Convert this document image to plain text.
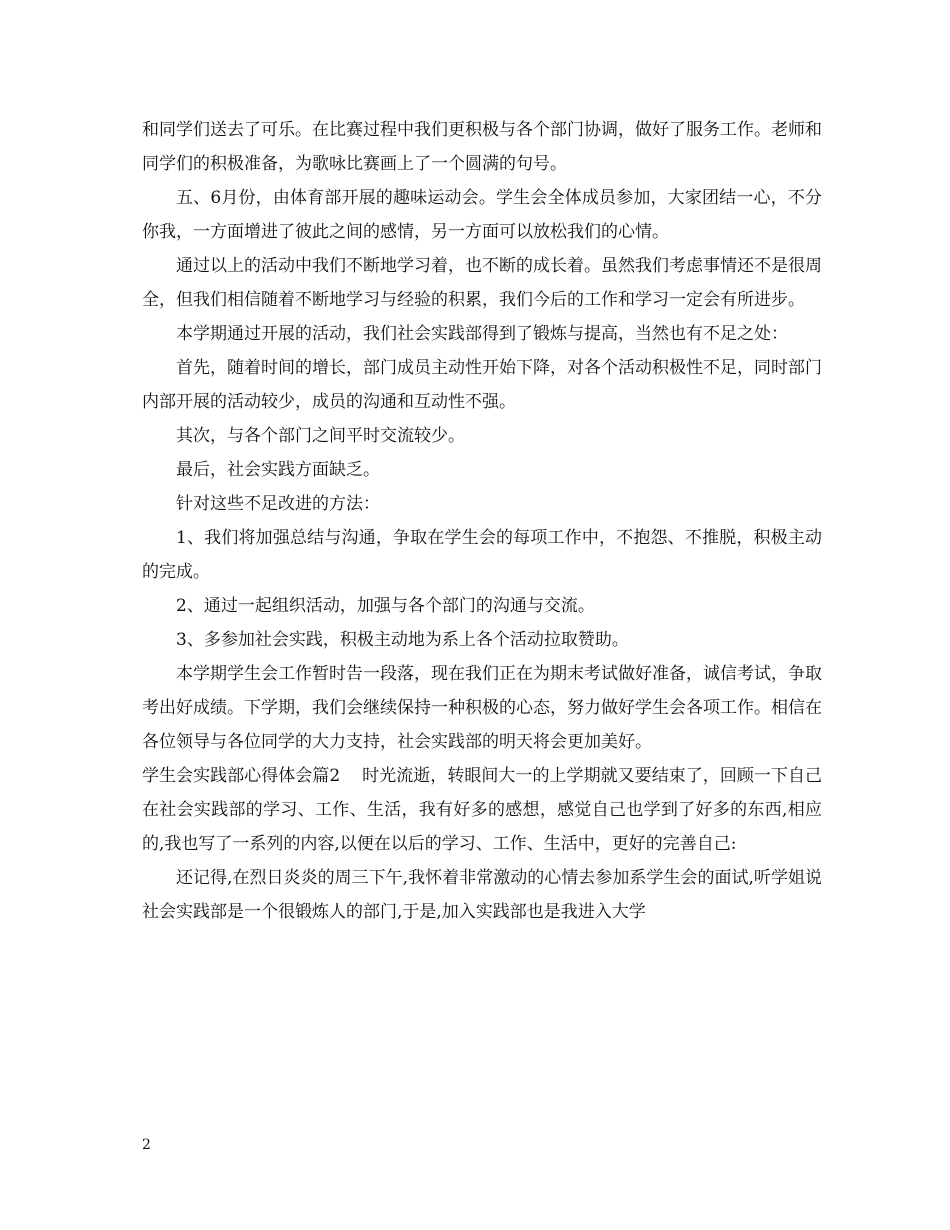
和同学们送去了可乐。在比赛过程中我们更积极与各个部门协调，做好了服务工作。老师和同学们的积极准备，为歌咏比赛画上了一个圆满的句号。

五、6月份，由体育部开展的趣味运动会。学生会全体成员参加，大家团结一心，不分你我，一方面增进了彼此之间的感情，另一方面可以放松我们的心情。

通过以上的活动中我们不断地学习着，也不断的成长着。虽然我们考虑事情还不是很周全，但我们相信随着不断地学习与经验的积累，我们今后的工作和学习一定会有所进步。

本学期通过开展的活动，我们社会实践部得到了锻炼与提高，当然也有不足之处：

首先，随着时间的增长，部门成员主动性开始下降，对各个活动积极性不足，同时部门内部开展的活动较少，成员的沟通和互动性不强。

其次，与各个部门之间平时交流较少。

最后，社会实践方面缺乏。

针对这些不足改进的方法：

1、我们将加强总结与沟通，争取在学生会的每项工作中，不抱怨、不推脱，积极主动的完成。

2、通过一起组织活动，加强与各个部门的沟通与交流。

3、多参加社会实践，积极主动地为系上各个活动拉取赞助。

本学期学生会工作暂时告一段落，现在我们正在为期末考试做好准备，诚信考试，争取考出好成绩。下学期，我们会继续保持一种积极的心态，努力做好学生会各项工作。相信在各位领导与各位同学的大力支持，社会实践部的明天将会更加美好。

学生会实践部心得体会篇2 时光流逝，转眼间大一的上学期就又要结束了，回顾一下自己在社会实践部的学习、工作、生活，我有好多的感想，感觉自己也学到了好多的东西,相应的,我也写了一系列的内容,以便在以后的学习、工作、生活中，更好的完善自己:

还记得,在烈日炎炎的周三下午,我怀着非常激动的心情去参加系学生会的面试,听学姐说社会实践部是一个很锻炼人的部门,于是,加入实践部也是我进入大学

2
